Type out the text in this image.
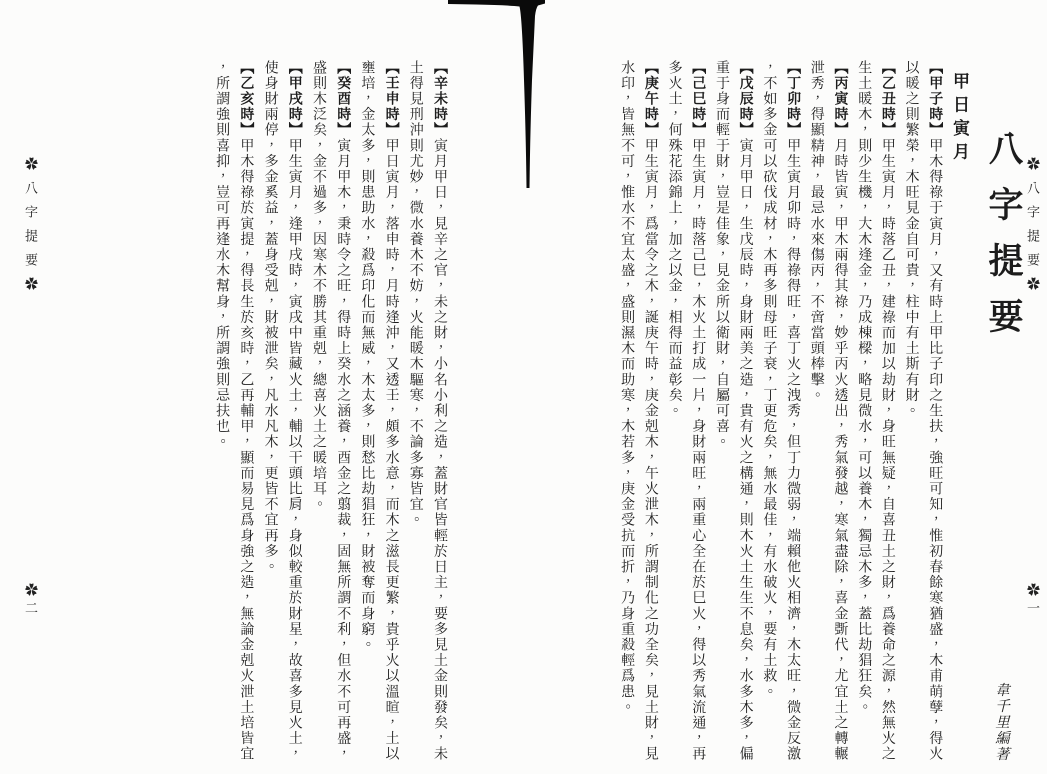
✿八字提要✿
✿一
八字提要
韋千里編著
甲日寅月
【甲子時】甲木得祿于寅月，又有時上甲比子印之生扶，強旺可知，惟初春餘寒猶盛，木甫萌孽，得火以暖之則繁榮，木旺見金自可貴，柱中有土斯有財。
【乙丑時】甲生寅月，時落乙丑，建祿而加以劫財，身旺無疑，自喜丑土之財，爲養命之源，然無火之生土暖木，則少生機，大木逢金，乃成棟樑，略見微水，可以養木，獨忌木多，蓋比劫猖狂矣。
【丙寅時】月時皆寅，甲木兩得其祿，妙乎丙火透出，秀氣發越，寒氣盡除，喜金斲代，尤宜土之轉輾泄秀，得顯精神，最忌水來傷丙，不啻當頭棒擊。
【丁卯時】甲生寅月卯時，得祿得旺，喜丁火之洩秀，但丁力微弱，端賴他火相濟，木太旺，微金反激，不如多金可以砍伐成材，木再多則母旺子衰，丁更危矣，無水最佳，有水破火，要有土救。
【戊辰時】寅月甲日，生戊辰時，身財兩美之造，貴有火之構通，則木火土生生不息矣，水多木多，偏重于身而輕于財，豈是佳象，見金所以衛財，自屬可喜。
【己巳時】甲生寅月，時落己巳，木火土打成一片，身財兩旺，兩重心全在於巳火，得以秀氣流通，再多火土，何殊花添錦上，加之以金，相得而益彰矣。
【庚午時】甲生寅月，爲當令之木，誕庚午時，庚金剋木，午火泄木，所謂制化之功全矣，見土財，見水印，皆無不可，惟水不宜太盛，盛則濕木而助寒，木若多，庚金受抗而折，乃身重殺輕爲患。
✿八字提要✿
✿二
【辛未時】寅月甲日，見辛之官，未之財，小名小利之造，蓋財官皆輕於日主，要多見土金則發矣，未土得見刑沖則尤妙，微水養木不妨，火能暖木驅寒，不論多寡皆宜。
【壬申時】甲日寅月，落申時，月時逢沖，又透壬，頗多水意，而木之滋長更繁，貴乎火以溫暄，土以壅培，金太多，則患助水，殺爲印化而無威，木太多，則愁比劫猖狂，財被奪而身窮。
【癸酉時】寅月甲木，秉時令之旺，得時上癸水之涵養，酉金之翦裁，固無所謂不利，但水不可再盛，盛則木泛矣，金不過多，因寒木不勝其重剋，總喜火土之暖培耳。
【甲戌時】甲生寅月，逢甲戌時，寅戌中皆藏火土，輔以干頭比肩，身似較重於財星，故喜多見火土，使身財兩停，多金奚益，蓋身受剋，財被泄矣，凡水凡木，更皆不宜再多。
【乙亥時】甲木得祿於寅提，得長生於亥時，乙再輔甲，顯而易見爲身強之造，無論金剋火泄土培皆宜，所謂強則喜抑，豈可再逢水木幫身，所謂強則忌扶也。
